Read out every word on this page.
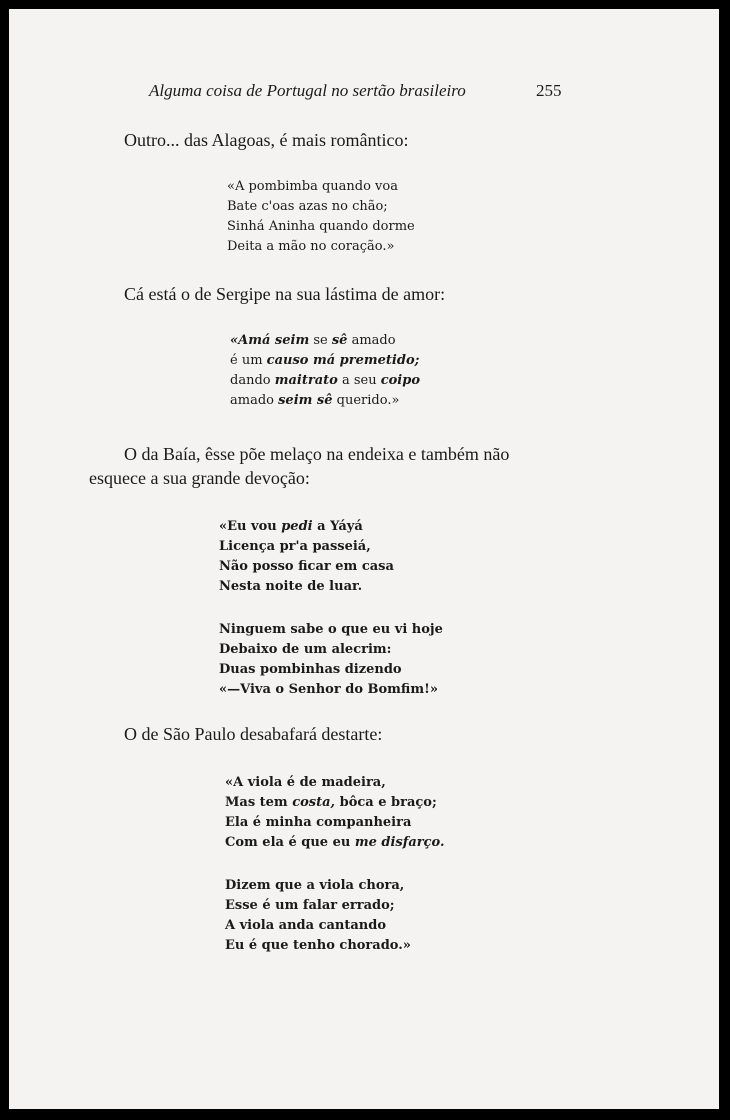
Alguma coisa de Portugal no sertão brasileiro	255
Outro... das Alagoas, é mais romântico:
«A pombimba quando voa
Bate c'oas azas no chão;
Sinhá Aninha quando dorme
Deita a mão no coração.»
Cá está o de Sergipe na sua lástima de amor:
«Amá seim se sê amado
é um causo má premetido;
dando maitrato a seu coipo
amado seim sê querido.»
O da Baía, êsse põe melaço na endeixa e também não
esquece a sua grande devoção:
«Eu vou pedi a Yáyá
Licença pr'a passeiá,
Não posso ficar em casa
Nesta noite de luar.
Ninguem sabe o que eu vi hoje
Debaixo de um alecrim:
Duas pombinhas dizendo
«—Viva o Senhor do Bomfim!»
O de São Paulo desabafará destarte:
«A viola é de madeira,
Mas tem costa, bôca e braço;
Ela é minha companheira
Com ela é que eu me disfarço.
Dizem que a viola chora,
Esse é um falar errado;
A viola anda cantando
Eu é que tenho chorado.»
